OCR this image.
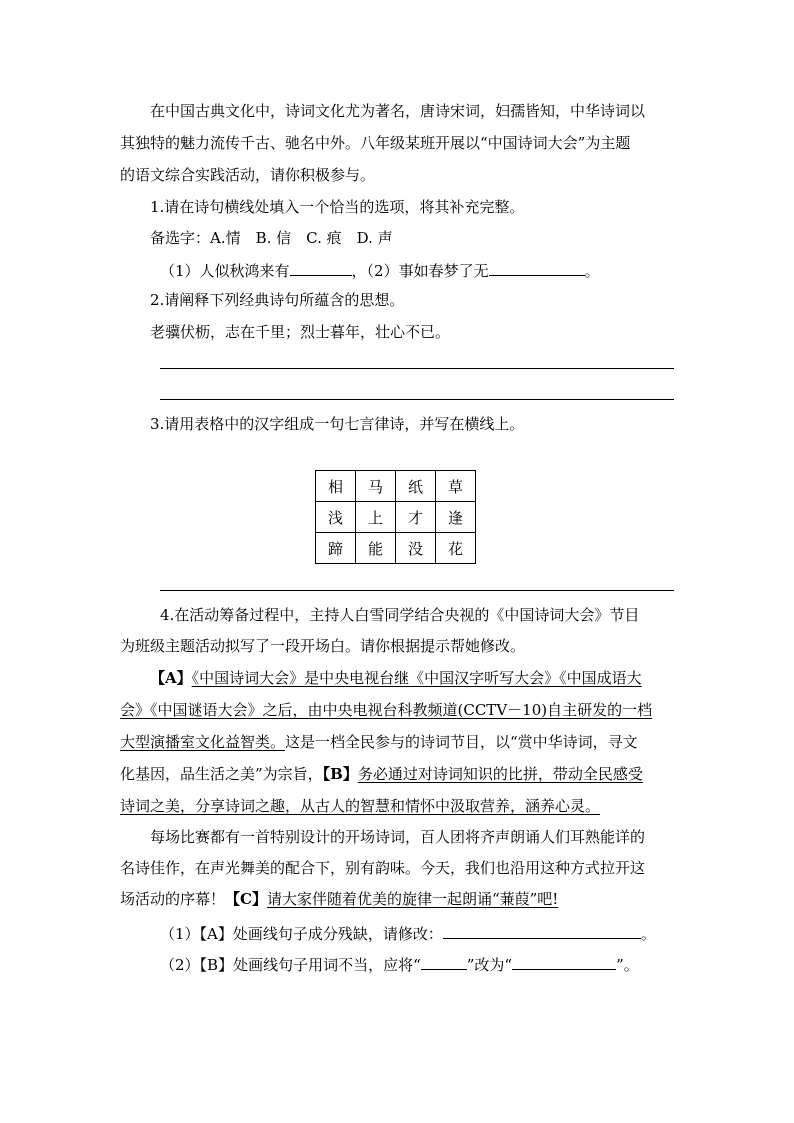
在中国古典文化中，诗词文化尤为著名，唐诗宋词，妇孺皆知，中华诗词以
其独特的魅力流传千古、驰名中外。八年级某班开展以“中国诗词大会”为主题
的语文综合实践活动，请你积极参与。
1.请在诗句横线处填入一个恰当的选项，将其补充完整。
备选字：A.情　B. 信　C. 痕　D. 声
（1）人似秋鸿来有	，（2）事如春梦了无	。
2.请阐释下列经典诗句所蕴含的思想。
老骥伏枥，志在千里；烈士暮年，壮心不已。
3.请用表格中的汉字组成一句七言律诗，并写在横线上。
相	马	纸	草
浅	上	才	逢
蹄	能	没	花
4.在活动筹备过程中，主持人白雪同学结合央视的《中国诗词大会》节目
为班级主题活动拟写了一段开场白。请你根据提示帮她修改。
【A】《中国诗词大会》是中央电视台继《中国汉字听写大会》《中国成语大
会》《中国谜语大会》之后，由中央电视台科教频道(CCTV－10)自主研发的一档
大型演播室文化益智类。这是一档全民参与的诗词节目，以“赏中华诗词，寻文
化基因，品生活之美”为宗旨，【B】务必通过对诗词知识的比拼，带动全民感受
诗词之美，分享诗词之趣，从古人的智慧和情怀中汲取营养，涵养心灵。
每场比赛都有一首特别设计的开场诗词，百人团将齐声朗诵人们耳熟能详的
名诗佳作，在声光舞美的配合下，别有韵味。今天，我们也沿用这种方式拉开这
场活动的序幕！【C】请大家伴随着优美的旋律一起朗诵“蒹葭”吧!
（1）【A】处画线句子成分残缺，请修改：	。
（2）【B】处画线句子用词不当，应将“	”改为“	”。
